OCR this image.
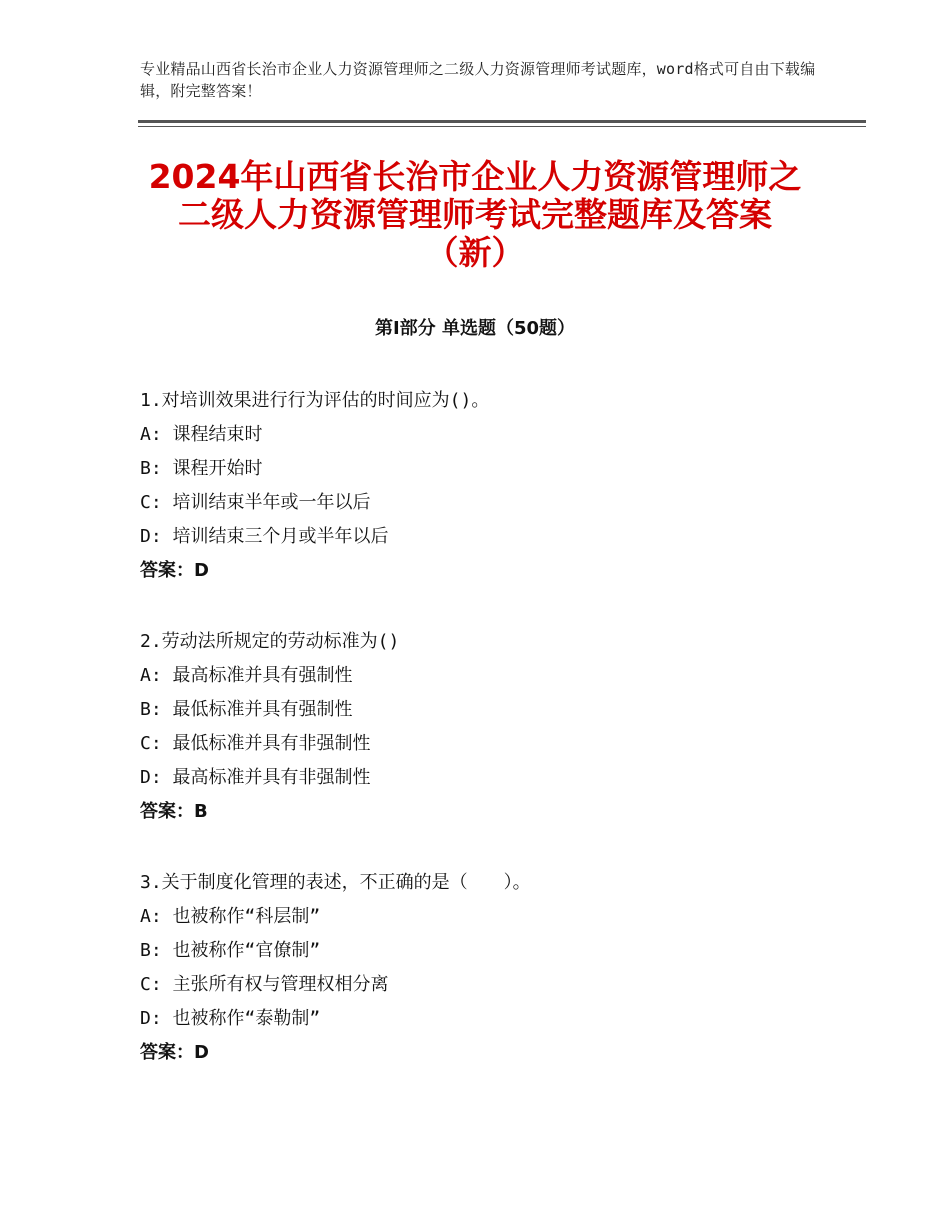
专业精品山西省长治市企业人力资源管理师之二级人力资源管理师考试题库，word格式可自由下载编辑，附完整答案！
2024年山西省长治市企业人力资源管理师之
二级人力资源管理师考试完整题库及答案
（新）
第Ⅰ部分 单选题（50题）
1.对培训效果进行行为评估的时间应为()。
A: 课程结束时
B: 课程开始时
C: 培训结束半年或一年以后
D: 培训结束三个月或半年以后
答案：D
2.劳动法所规定的劳动标准为()
A: 最高标准并具有强制性
B: 最低标准并具有强制性
C: 最低标准并具有非强制性
D: 最高标准并具有非强制性
答案：B
3.关于制度化管理的表述，不正确的是（　　）。
A: 也被称作“科层制”
B: 也被称作“官僚制”
C: 主张所有权与管理权相分离
D: 也被称作“泰勒制”
答案：D
